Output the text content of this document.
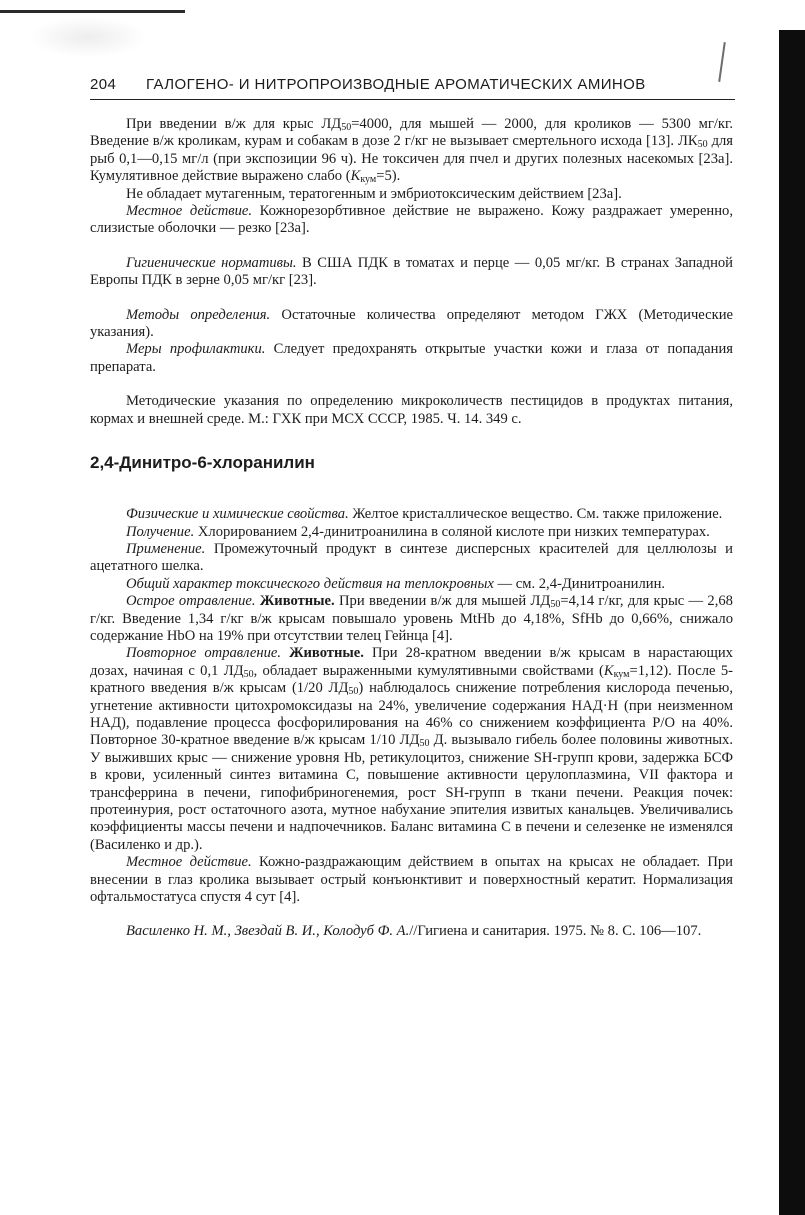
204 ГАЛОГЕНО- И НИТРОПРОИЗВОДНЫЕ АРОМАТИЧЕСКИХ АМИНОВ

При введении в/ж для крыс $ЛД_{50}=4000$, для мышей — 2000, для кроликов — 5300 мг/кг. Введение в/ж кроликам, курам и собакам в дозе 2 г/кг не вызывает смертельного исхода [13]. $ЛК_{50}$ для рыб 0,1—0,15 мг/л (при экспозиции 96 ч). Не токсичен для пчел и других полезных насекомых [23а]. Кумулятивное действие выражено слабо $(K_{кум}=5)$.

Не обладает мутагенным, тератогенным и эмбриотоксическим действием [23а].

Местное действие. Кожнорезорбтивное действие не выражено. Кожу раздражает умеренно, слизистые оболочки — резко [23а].

Гигиенические нормативы. В США ПДК в томатах и перце — 0,05 мг/кг. В странах Западной Европы ПДК в зерне 0,05 мг/кг [23].

Методы определения. Остаточные количества определяют методом ГЖХ (Методические указания).

Меры профилактики. Следует предохранять открытые участки кожи и глаза от попадания препарата.

Методические указания по определению микроколичеств пестицидов в продуктах питания, кормах и внешней среде. М.: ГХК при МСХ СССР, 1985. Ч. 14. 349 с.

2,4-Динитро-6-хлоранилин

Физические и химические свойства. Желтое кристаллическое вещество. См. также приложение.

Получение. Хлорированием 2,4-динитроанилина в соляной кислоте при низких температурах.

Применение. Промежуточный продукт в синтезе дисперсных красителей для целлюлозы и ацетатного шелка.

Общий характер токсического действия на теплокровных — см. 2,4-Динитроанилин.

Острое отравление. Животные. При введении в/ж для мышей $ЛД_{50}=4,14$ г/кг, для крыс — 2,68 г/кг. Введение 1,34 г/кг в/ж крысам повышало уровень MtHb до 4,18%, SfHb до 0,66%, снижало содержание HbO на 19% при отсутствии телец Гейнца [4].

Повторное отравление. Животные. При 28-кратном введении в/ж крысам в нарастающих дозах, начиная с 0,1 $ЛД_{50}$, обладает выраженными кумулятивными свойствами $(K_{кум}=1,12)$. После 5-кратного введения в/ж крысам (1/20 $ЛД_{50}$) наблюдалось снижение потребления кислорода печенью, угнетение активности цитохромоксидазы на 24%, увеличение содержания НАД·Н (при неизменном НАД), подавление процесса фосфорилирования на 46% со снижением коэффициента P/O на 40%. Повторное 30-кратное введение в/ж крысам 1/10 $ЛД_{50}$ Д. вызывало гибель более половины животных. У выживших крыс — снижение уровня Hb, ретикулоцитоз, снижение SH-групп крови, задержка БСФ в крови, усиленный синтез витамина C, повышение активности церулоплазмина, VII фактора и трансферрина в печени, гипофибриногенемия, рост SH-групп в ткани печени. Реакция почек: протеинурия, рост остаточного азота, мутное набухание эпителия извитых канальцев. Увеличивались коэффициенты массы печени и надпочечников. Баланс витамина C в печени и селезенке не изменялся (Василенко и др.).

Местное действие. Кожно-раздражающим действием в опытах на крысах не обладает. При внесении в глаз кролика вызывает острый конъюнктивит и поверхностный кератит. Нормализация офтальмостатуса спустя 4 сут [4].

Василенко Н. М., Звездай В. И., Колодуб Ф. А.//Гигиена и санитария. 1975. № 8. С. 106—107.
